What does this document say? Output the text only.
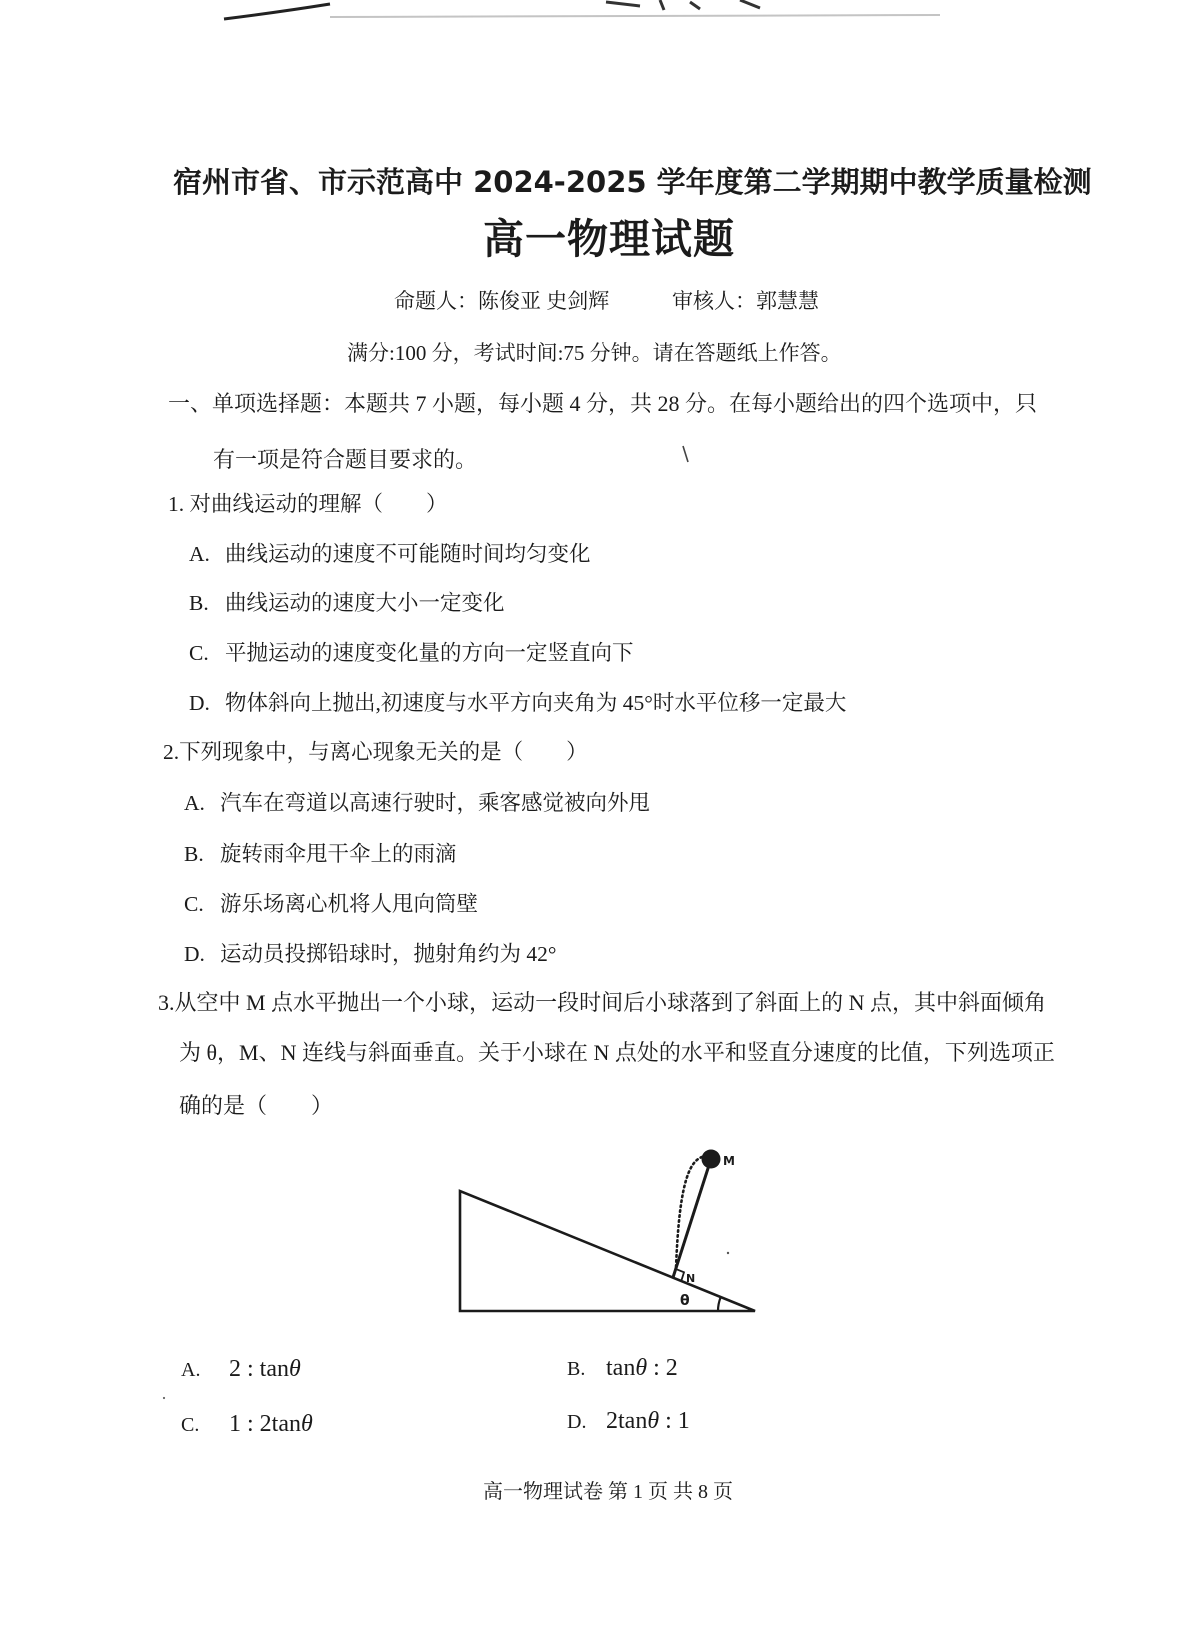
宿州市省、市示范高中 2024-2025 学年度第二学期期中教学质量检测
高一物理试题
命题人：陈俊亚 史剑辉	审核人：郭慧慧
满分:100 分，考试时间:75 分钟。请在答题纸上作答。
一、单项选择题：本题共 7 小题，每小题 4 分，共 28 分。在每小题给出的四个选项中，只
有一项是符合题目要求的。
1. 对曲线运动的理解（　　）
A. 曲线运动的速度不可能随时间均匀变化
B. 曲线运动的速度大小一定变化
C. 平抛运动的速度变化量的方向一定竖直向下
D. 物体斜向上抛出,初速度与水平方向夹角为 45°时水平位移一定最大
2.下列现象中，与离心现象无关的是（　　）
A. 汽车在弯道以高速行驶时，乘客感觉被向外甩
B. 旋转雨伞甩干伞上的雨滴
C. 游乐场离心机将人甩向筒壁
D. 运动员投掷铅球时，抛射角约为 42°
3.从空中 M 点水平抛出一个小球，运动一段时间后小球落到了斜面上的 N 点，其中斜面倾角
为 θ，M、N 连线与斜面垂直。关于小球在 N 点处的水平和竖直分速度的比值，下列选项正
确的是（　　）
M
N
θ
A. 2 : tanθ	B. tanθ : 2
C. 1 : 2tanθ	D. 2tanθ : 1
高一物理试卷 第 1 页 共 8 页
